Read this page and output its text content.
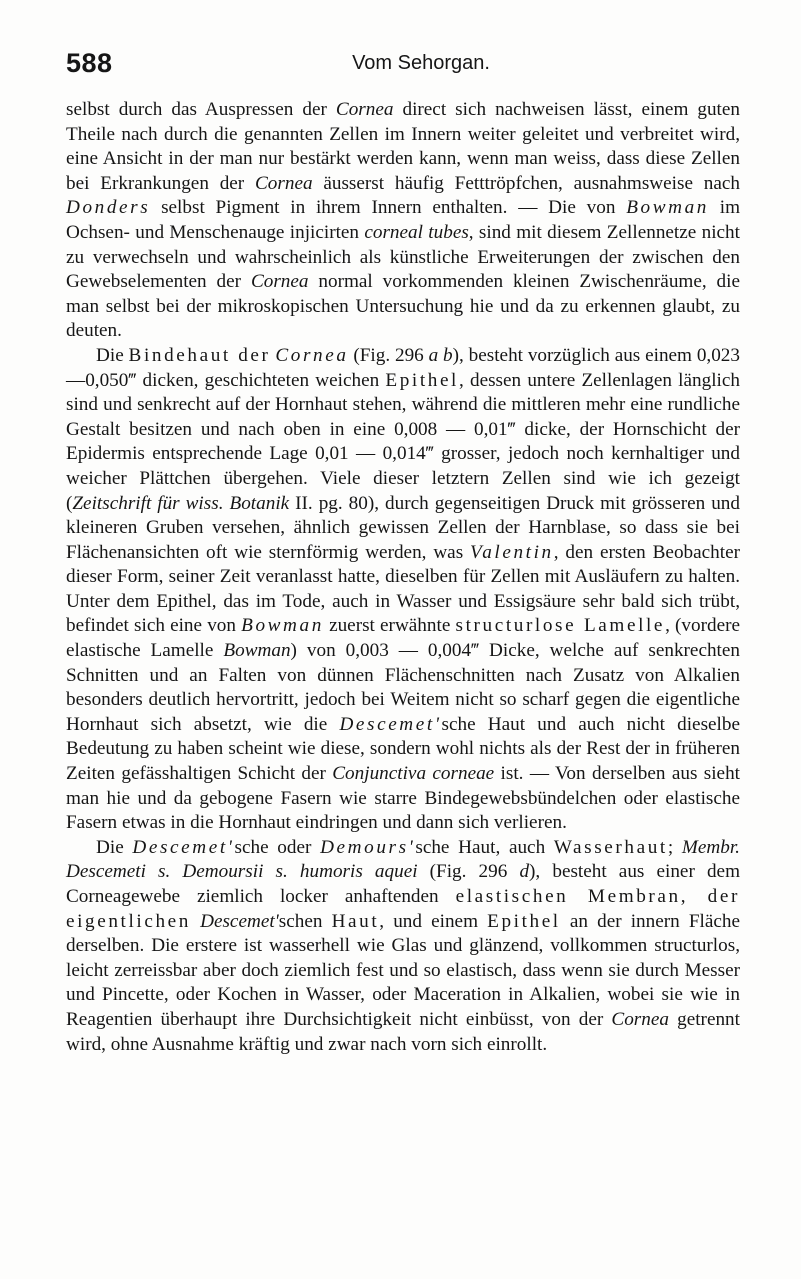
588	Vom Sehorgan.

selbst durch das Auspressen der Cornea direct sich nachweisen lässt, einem guten Theile nach durch die genannten Zellen im Innern weiter geleitet und verbreitet wird, eine Ansicht in der man nur bestärkt werden kann, wenn man weiss, dass diese Zellen bei Erkrankungen der Cornea äusserst häufig Fetttröpfchen, ausnahmsweise nach Donders selbst Pigment in ihrem Innern enthalten. — Die von Bowman im Ochsen- und Menschenauge injicirten corneal tubes, sind mit diesem Zellennetze nicht zu verwechseln und wahrscheinlich als künstliche Erweiterungen der zwischen den Gewebselementen der Cornea normal vorkommenden kleinen Zwischenräume, die man selbst bei der mikroskopischen Untersuchung hie und da zu erkennen glaubt, zu deuten.

Die Bindehaut der Cornea (Fig. 296 a b), besteht vorzüglich aus einem 0,023—0,050‴ dicken, geschichteten weichen Epithel, dessen untere Zellenlagen länglich sind und senkrecht auf der Hornhaut stehen, während die mittleren mehr eine rundliche Gestalt besitzen und nach oben in eine 0,008 — 0,01‴ dicke, der Hornschicht der Epidermis entsprechende Lage 0,01 — 0,014‴ grosser, jedoch noch kernhaltiger und weicher Plättchen übergehen. Viele dieser letztern Zellen sind wie ich gezeigt (Zeitschrift für wiss. Botanik II. pg. 80), durch gegenseitigen Druck mit grösseren und kleineren Gruben versehen, ähnlich gewissen Zellen der Harnblase, so dass sie bei Flächenansichten oft wie sternförmig werden, was Valentin, den ersten Beobachter dieser Form, seiner Zeit veranlasst hatte, dieselben für Zellen mit Ausläufern zu halten. Unter dem Epithel, das im Tode, auch in Wasser und Essigsäure sehr bald sich trübt, befindet sich eine von Bowman zuerst erwähnte structurlose Lamelle, (vordere elastische Lamelle Bowman) von 0,003 — 0,004‴ Dicke, welche auf senkrechten Schnitten und an Falten von dünnen Flächenschnitten nach Zusatz von Alkalien besonders deutlich hervortritt, jedoch bei Weitem nicht so scharf gegen die eigentliche Hornhaut sich absetzt, wie die Descemet'sche Haut und auch nicht dieselbe Bedeutung zu haben scheint wie diese, sondern wohl nichts als der Rest der in früheren Zeiten gefässhaltigen Schicht der Conjunctiva corneae ist. — Von derselben aus sieht man hie und da gebogene Fasern wie starre Bindegewebsbündelchen oder elastische Fasern etwas in die Hornhaut eindringen und dann sich verlieren.

Die Descemet'sche oder Demours'sche Haut, auch Wasserhaut; Membr. Descemeti s. Demoursii s. humoris aquei (Fig. 296 d), besteht aus einer dem Corneagewebe ziemlich locker anhaftenden elastischen Membran, der eigentlichen Descemet'schen Haut, und einem Epithel an der innern Fläche derselben. Die erstere ist wasserhell wie Glas und glänzend, vollkommen structurlos, leicht zerreissbar aber doch ziemlich fest und so elastisch, dass wenn sie durch Messer und Pincette, oder Kochen in Wasser, oder Maceration in Alkalien, wobei sie wie in Reagentien überhaupt ihre Durchsichtigkeit nicht einbüsst, von der Cornea getrennt wird, ohne Ausnahme kräftig und zwar nach vorn sich einrollt.
